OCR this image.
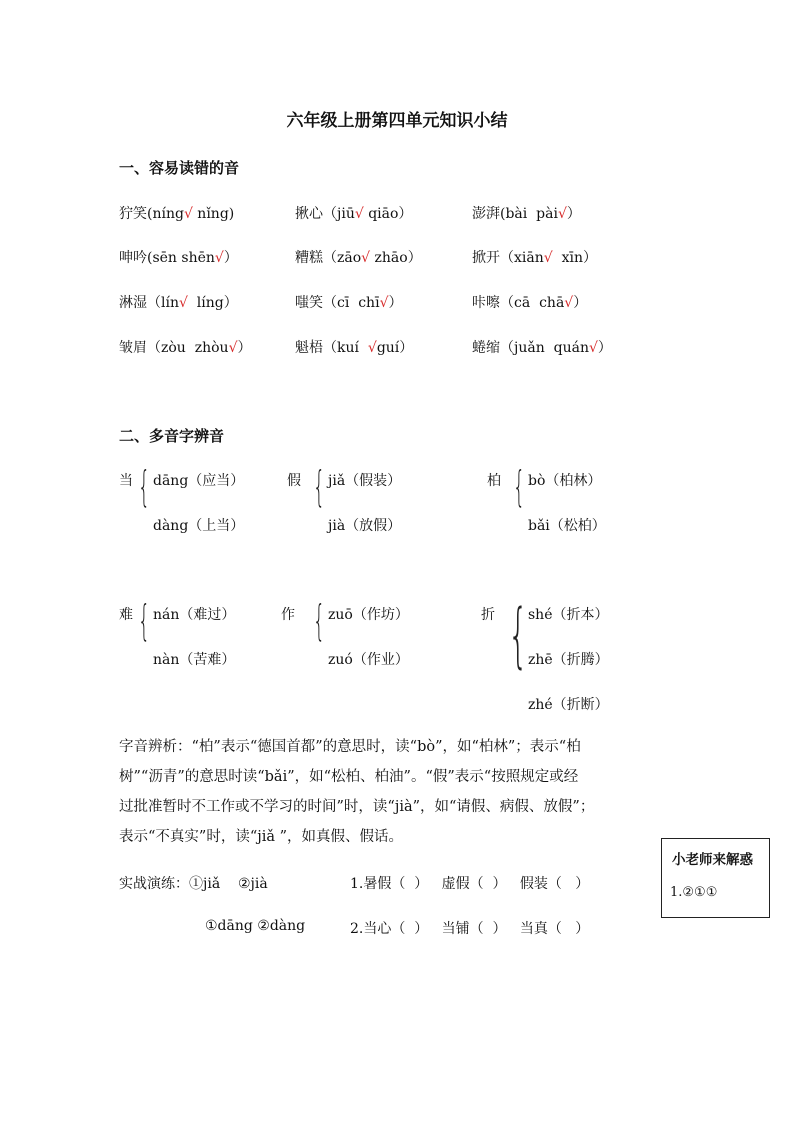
六年级上册第四单元知识小结
一、容易读错的音
狞笑(níng√ nǐng)	揪心（jiū√ qiāo）	澎湃(bài  pài√）
呻吟(sēn shēn√）	糟糕（zāo√ zhāo）	掀开（xiān√  xīn）
淋湿（lín√  líng）	嗤笑（cī  chī√）	咔嚓（cā  chā√）
皱眉（zòu  zhòu√）	魁梧（kuí  √guí）	蜷缩（juǎn  quán√）
二、多音字辨音
当 { dāng（应当）
dàng（上当）
假 { jiǎ（假装）
jià（放假）
柏 { bò（柏林）
bǎi（松柏）
难 { nán（难过）
nàn（苦难）
作 { zuō（作坊）
zuó（作业）
折 { shé（折本）
zhē（折腾）
zhé（折断）
字音辨析：“柏”表示“德国首都”的意思时，读“bò”，如“柏林”；表示“柏
树”“沥青”的意思时读“bǎi”，如“松柏、柏油”。“假”表示“按照规定或经
过批准暂时不工作或不学习的时间”时，读“jià”，如“请假、病假、放假”；
表示“不真实”时，读“jiǎ ”，如真假、假话。
实战演练：①jiǎ    ②jià	1.暑假（  ）   虚假（  ）   假装（   ）
①dāng ②dàng	2.当心（  ）   当铺（  ）   当真（   ）
小老师来解惑
1.②①①
